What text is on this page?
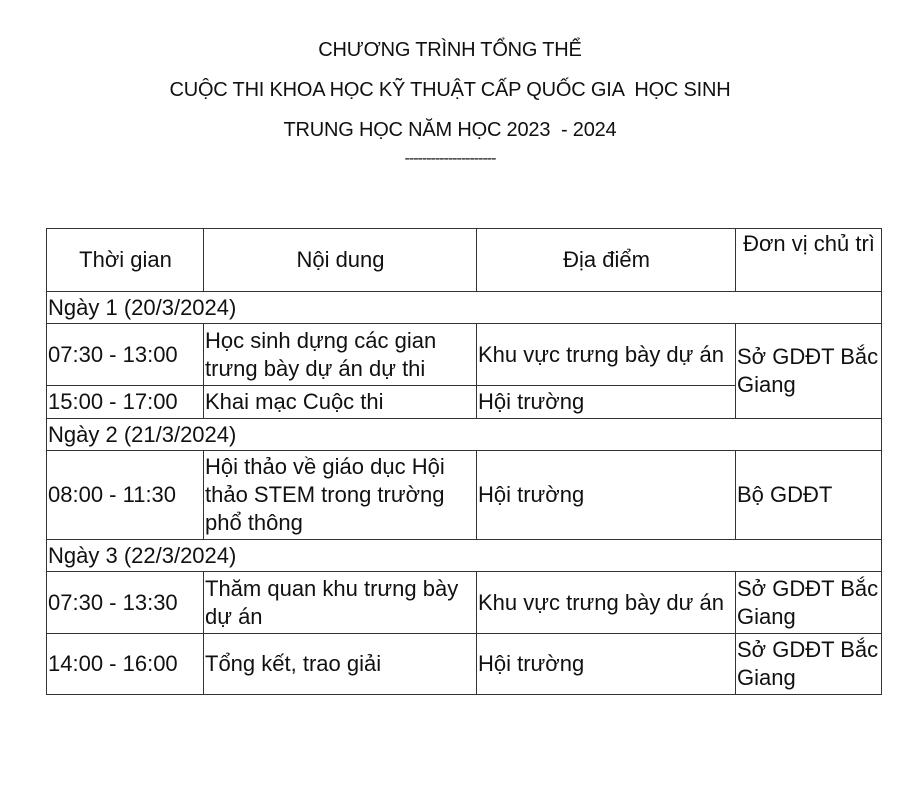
CHƯƠNG TRÌNH TỔNG THỂ

CUỘC THI KHOA HỌC KỸ THUẬT CẤP QUỐC GIA  HỌC SINH

TRUNG HỌC NĂM HỌC 2023  - 2024

---------------------
Thời gian	Nội dung	Địa điểm	Đơn vị chủ trì
Ngày 1 (20/3/2024)			
07:30 - 13:00	Học sinh dựng các gian trưng bày dự án dự thi	Khu vực trưng bày dự án	Sở GDĐT Bắc Giang
15:00 - 17:00	Khai mạc Cuộc thi	Hội trường	
Ngày 2 (21/3/2024)			
08:00 - 11:30	Hội thảo về giáo dục Hội thảo STEM trong trường phổ thông	Hội trường	Bộ GDĐT
Ngày 3 (22/3/2024)			
07:30 - 13:30	Thăm quan khu trưng bày dự án	Khu vực trưng bày dư án	Sở GDĐT Bắc Giang
14:00 - 16:00	Tổng kết, trao giải	Hội trường	Sở GDĐT Bắc Giang
